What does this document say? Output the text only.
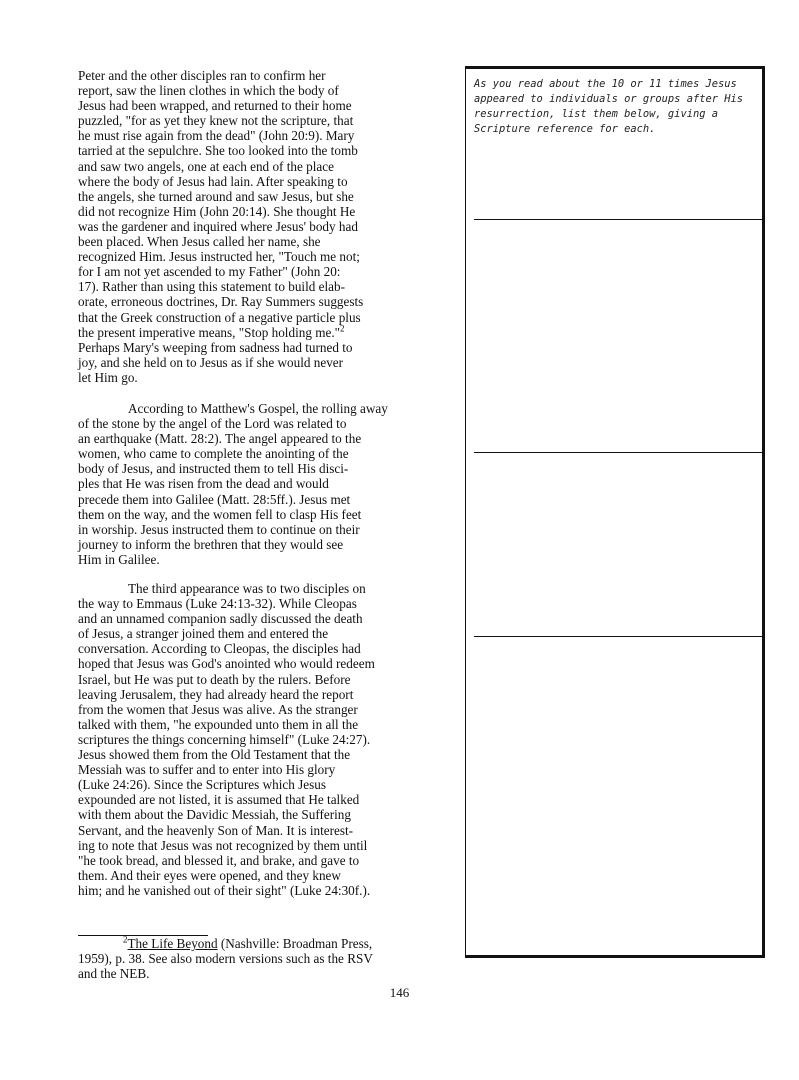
Peter and the other disciples ran to confirm her
report, saw the linen clothes in which the body of
Jesus had been wrapped, and returned to their home
puzzled, "for as yet they knew not the scripture, that
he must rise again from the dead" (John 20:9). Mary
tarried at the sepulchre. She too looked into the tomb
and saw two angels, one at each end of the place
where the body of Jesus had lain. After speaking to
the angels, she turned around and saw Jesus, but she
did not recognize Him (John 20:14). She thought He
was the gardener and inquired where Jesus' body had
been placed. When Jesus called her name, she
recognized Him. Jesus instructed her, "Touch me not;
for I am not yet ascended to my Father" (John 20:
17). Rather than using this statement to build elab-
orate, erroneous doctrines, Dr. Ray Summers suggests
that the Greek construction of a negative particle plus
the present imperative means, "Stop holding me."$^2$
Perhaps Mary's weeping from sadness had turned to
joy, and she held on to Jesus as if she would never
let Him go.

According to Matthew's Gospel, the rolling away
of the stone by the angel of the Lord was related to
an earthquake (Matt. 28:2). The angel appeared to the
women, who came to complete the anointing of the
body of Jesus, and instructed them to tell His disci-
ples that He was risen from the dead and would
precede them into Galilee (Matt. 28:5ff.). Jesus met
them on the way, and the women fell to clasp His feet
in worship. Jesus instructed them to continue on their
journey to inform the brethren that they would see
Him in Galilee.

The third appearance was to two disciples on
the way to Emmaus (Luke 24:13-32). While Cleopas
and an unnamed companion sadly discussed the death
of Jesus, a stranger joined them and entered the
conversation. According to Cleopas, the disciples had
hoped that Jesus was God's anointed who would redeem
Israel, but He was put to death by the rulers. Before
leaving Jerusalem, they had already heard the report
from the women that Jesus was alive. As the stranger
talked with them, "he expounded unto them in all the
scriptures the things concerning himself" (Luke 24:27).
Jesus showed them from the Old Testament that the
Messiah was to suffer and to enter into His glory
(Luke 24:26). Since the Scriptures which Jesus
expounded are not listed, it is assumed that He talked
with them about the Davidic Messiah, the Suffering
Servant, and the heavenly Son of Man. It is interest-
ing to note that Jesus was not recognized by them until
"he took bread, and blessed it, and brake, and gave to
them. And their eyes were opened, and they knew
him; and he vanished out of their sight" (Luke 24:30f.).

$^2$The Life Beyond (Nashville: Broadman Press,
1959), p. 38. See also modern versions such as the RSV
and the NEB.
As you read about the 10 or 11 times Jesus
appeared to individuals or groups after His
resurrection, list them below, giving a
Scripture reference for each.
146
